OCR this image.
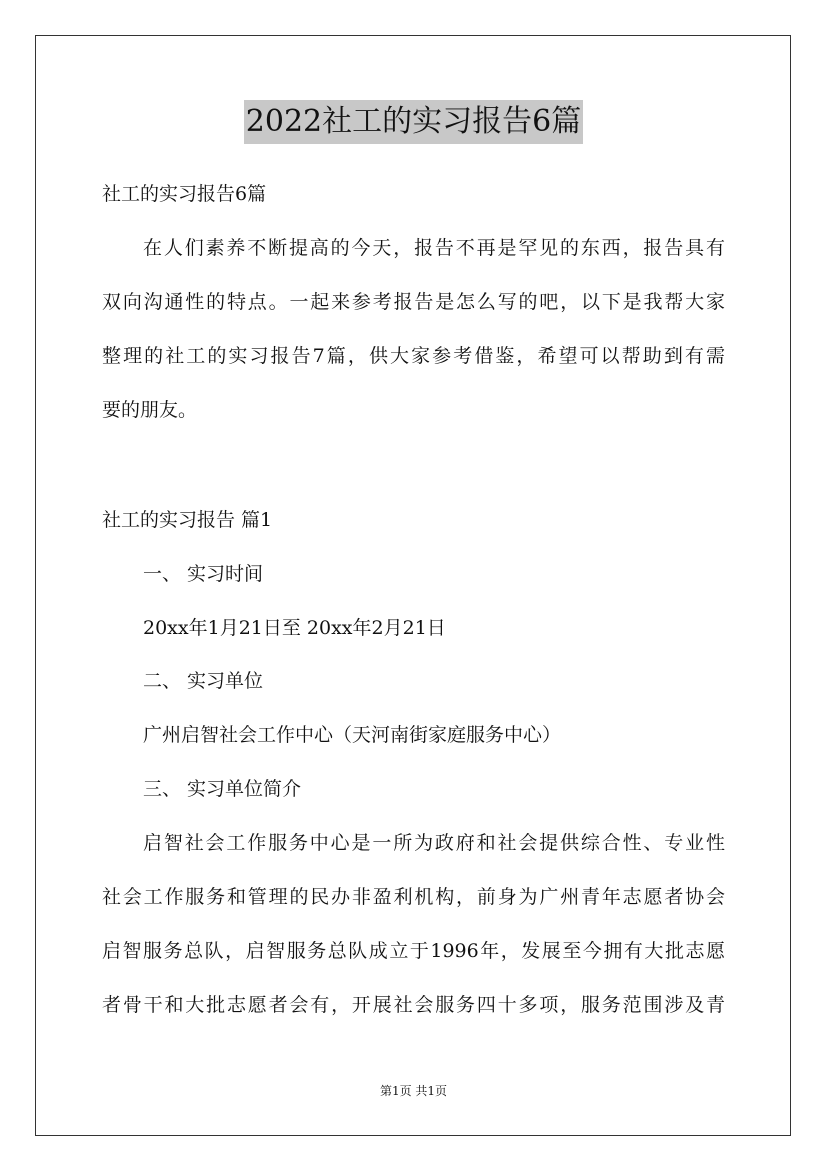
2022社工的实习报告6篇
社工的实习报告6篇
在人们素养不断提高的今天，报告不再是罕见的东西，报告具有
双向沟通性的特点。一起来参考报告是怎么写的吧，以下是我帮大家
整理的社工的实习报告7篇，供大家参考借鉴，希望可以帮助到有需
要的朋友。
社工的实习报告 篇1
一、 实习时间
20xx年1月21日至 20xx年2月21日
二、 实习单位
广州启智社会工作中心（天河南街家庭服务中心）
三、 实习单位简介
启智社会工作服务中心是一所为政府和社会提供综合性、专业性
社会工作服务和管理的民办非盈利机构，前身为广州青年志愿者协会
启智服务总队，启智服务总队成立于1996年，发展至今拥有大批志愿
者骨干和大批志愿者会有，开展社会服务四十多项，服务范围涉及青
第1页 共1页
